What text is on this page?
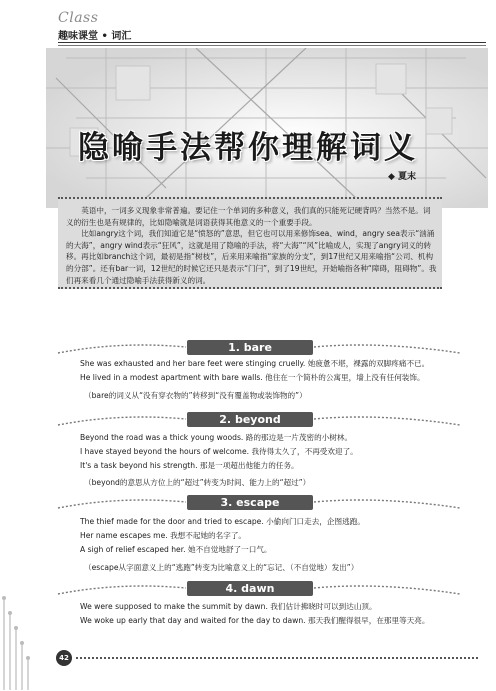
Class
趣味课堂 • 词汇
隐喻手法帮你理解词义
◆ 夏末

英语中，一词多义现象非常普遍。要记住一个单词的多种意义，我们真的只能死记硬背吗？当然不是。词义的衍生也是有规律的，比如隐喻就是词语获得其他意义的一个重要手段。

比如angry这个词，我们知道它是“愤怒的”意思，但它也可以用来修饰sea、wind，angry sea表示“汹涌的大海”，angry wind表示“狂风”，这就是用了隐喻的手法，将“大海”“风”比喻成人，实现了angry词义的转移。再比如branch这个词，最初是指“树枝”，后来用来喻指“家族的分支”，到17世纪又用来喻指“公司、机构的分部”。还有bar一词，12世纪的时候它还只是表示“门闩”，到了19世纪，开始喻指各种“障碍，阻碍物”。我们再来看几个通过隐喻手法获得新义的词。

1. bare
She was exhausted and her bare feet were stinging cruelly. 她疲惫不堪，裸露的双脚疼痛不已。
He lived in a modest apartment with bare walls. 他住在一个简朴的公寓里，墙上没有任何装饰。
（bare的词义从“没有穿衣物的”转移到“没有覆盖物或装饰物的”）
2. beyond
Beyond the road was a thick young woods. 路的那边是一片茂密的小树林。
I have stayed beyond the hours of welcome. 我待得太久了，不再受欢迎了。
It's a task beyond his strength. 那是一项超出他能力的任务。
（beyond的意思从方位上的“超过”转变为时间、能力上的“超过”）
3. escape
The thief made for the door and tried to escape. 小偷向门口走去，企图逃跑。
Her name escapes me. 我想不起她的名字了。
A sigh of relief escaped her. 她不自觉地舒了一口气。
（escape从字面意义上的“逃跑”转变为比喻意义上的“忘记、（不自觉地）发出”）
4. dawn
We were supposed to make the summit by dawn. 我们估计拂晓时可以到达山顶。
We woke up early that day and waited for the day to dawn. 那天我们醒得很早，在那里等天亮。
42
